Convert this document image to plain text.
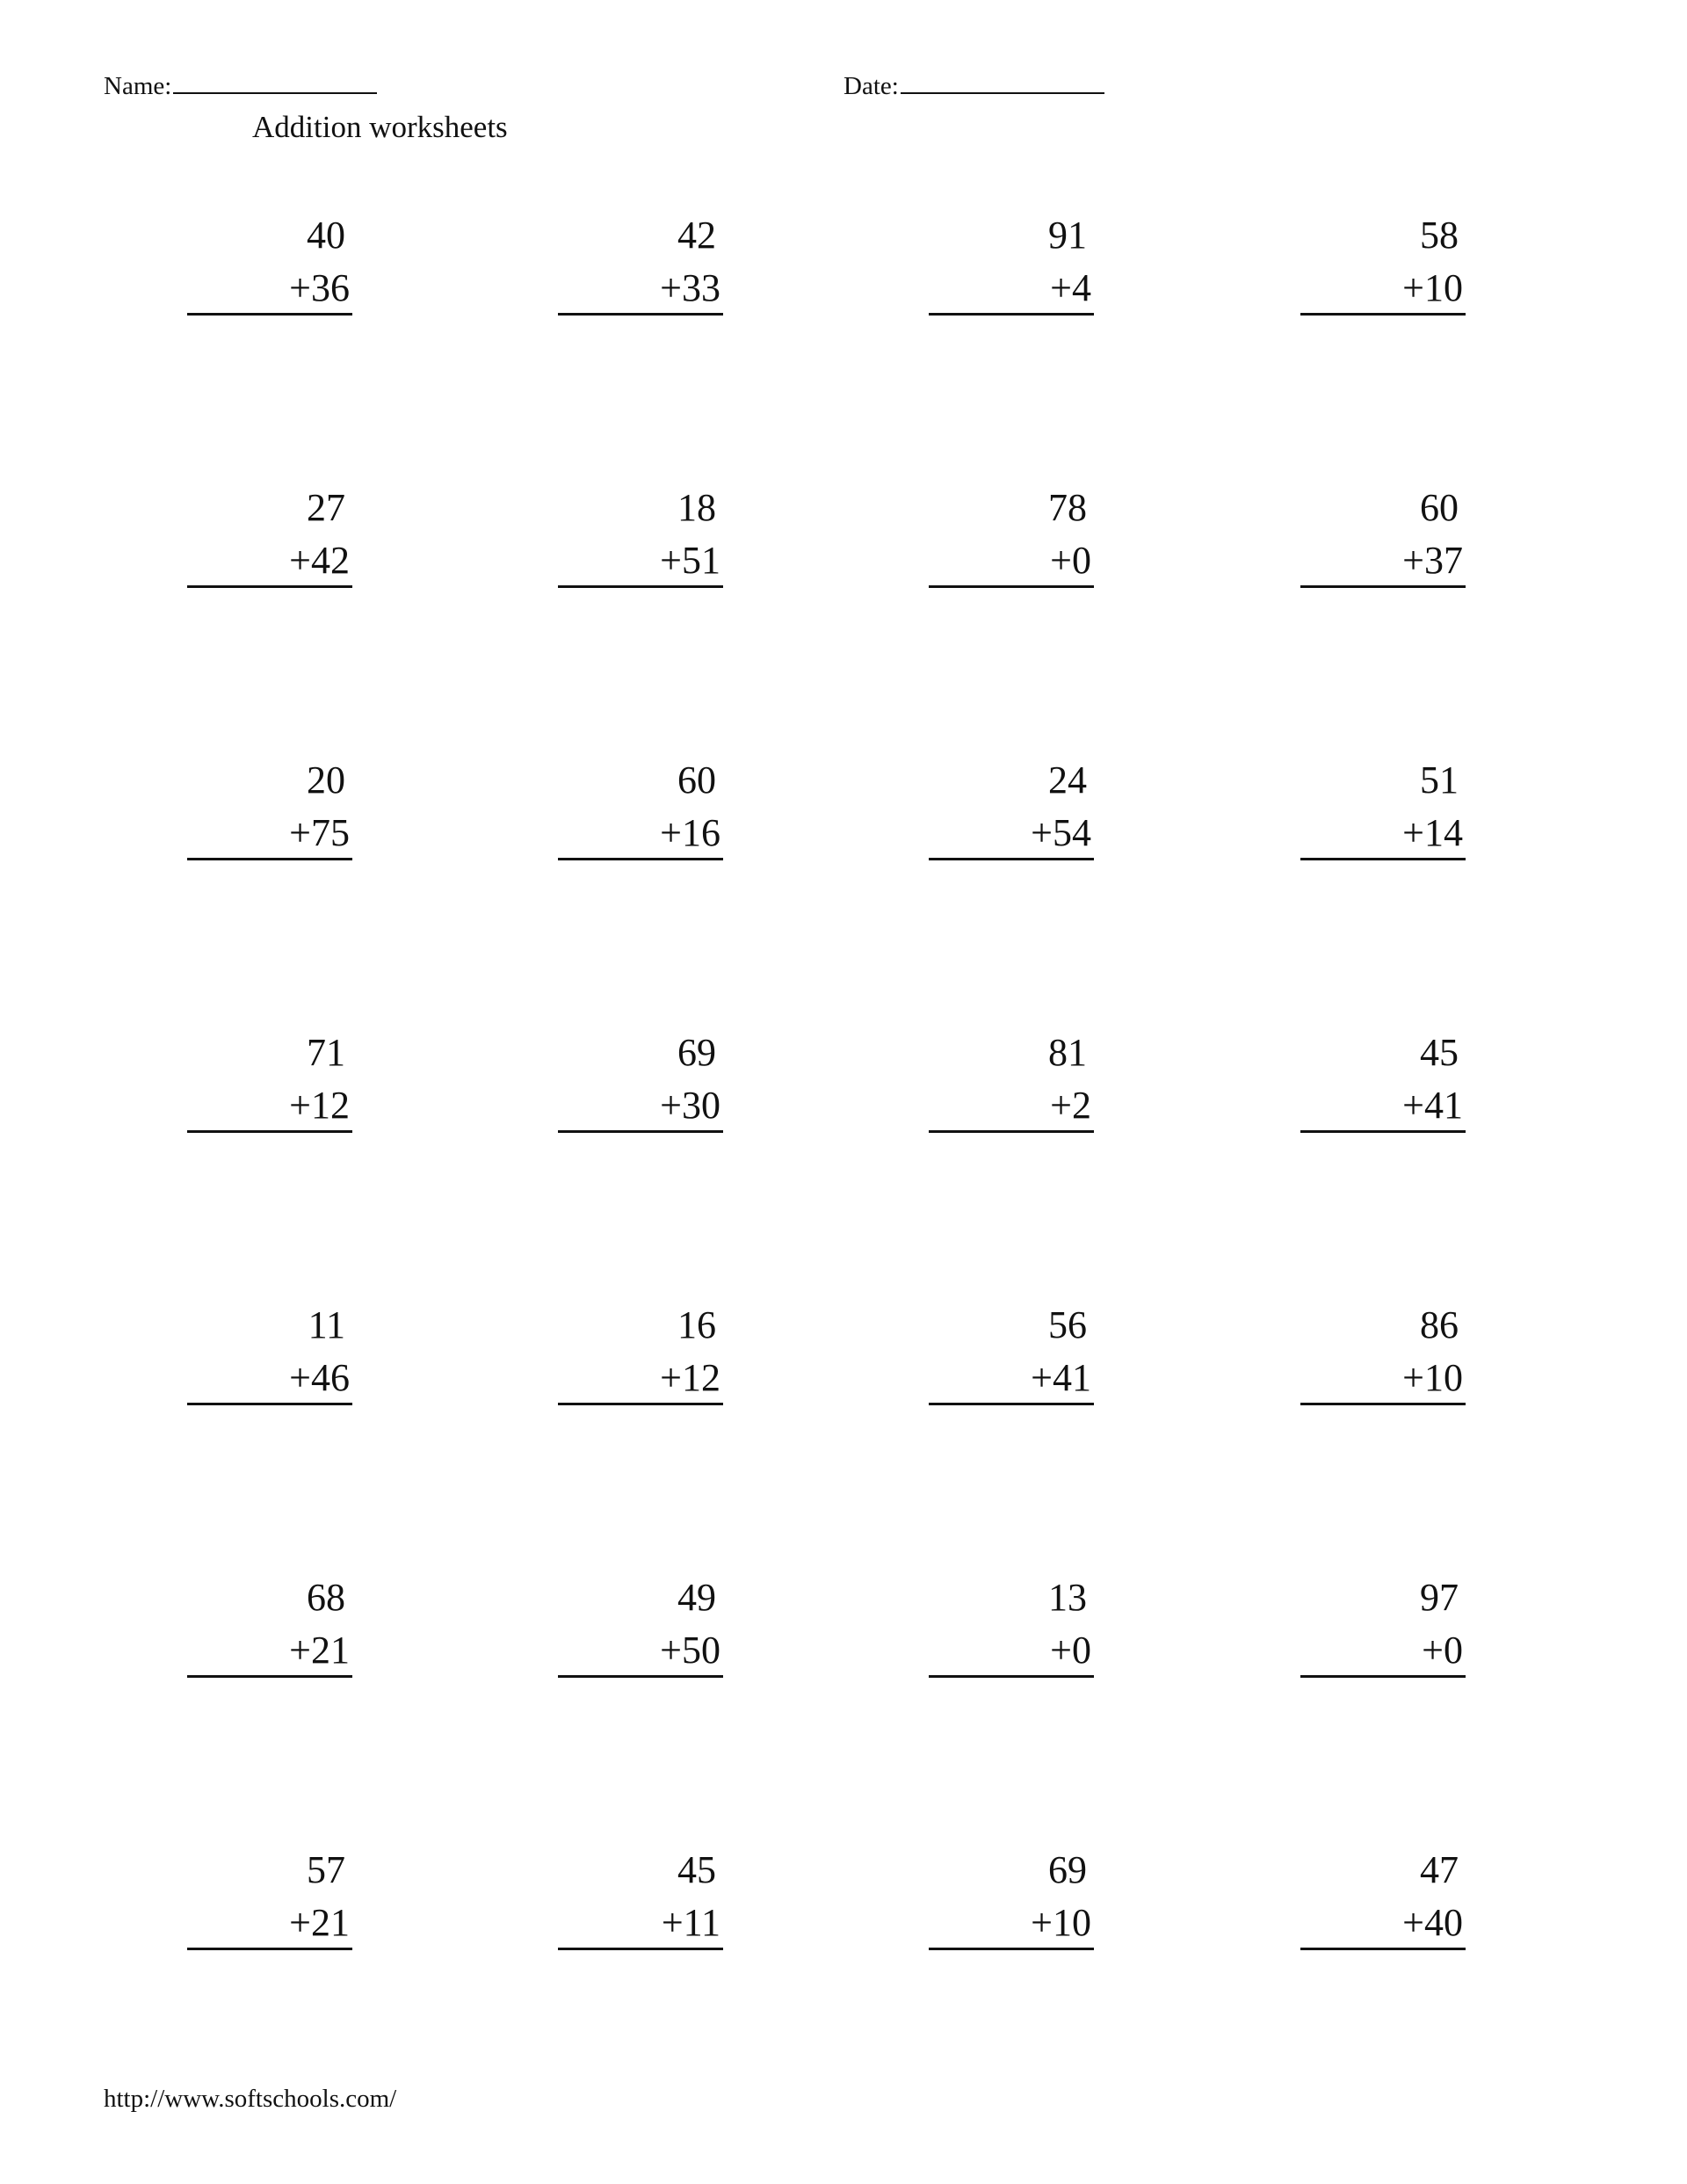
Name:	Date:
Addition worksheets
40
+36
42
+33
91
+4
58
+10
27
+42
18
+51
78
+0
60
+37
20
+75
60
+16
24
+54
51
+14
71
+12
69
+30
81
+2
45
+41
11
+46
16
+12
56
+41
86
+10
68
+21
49
+50
13
+0
97
+0
57
+21
45
+11
69
+10
47
+40
http://www.softschools.com/
